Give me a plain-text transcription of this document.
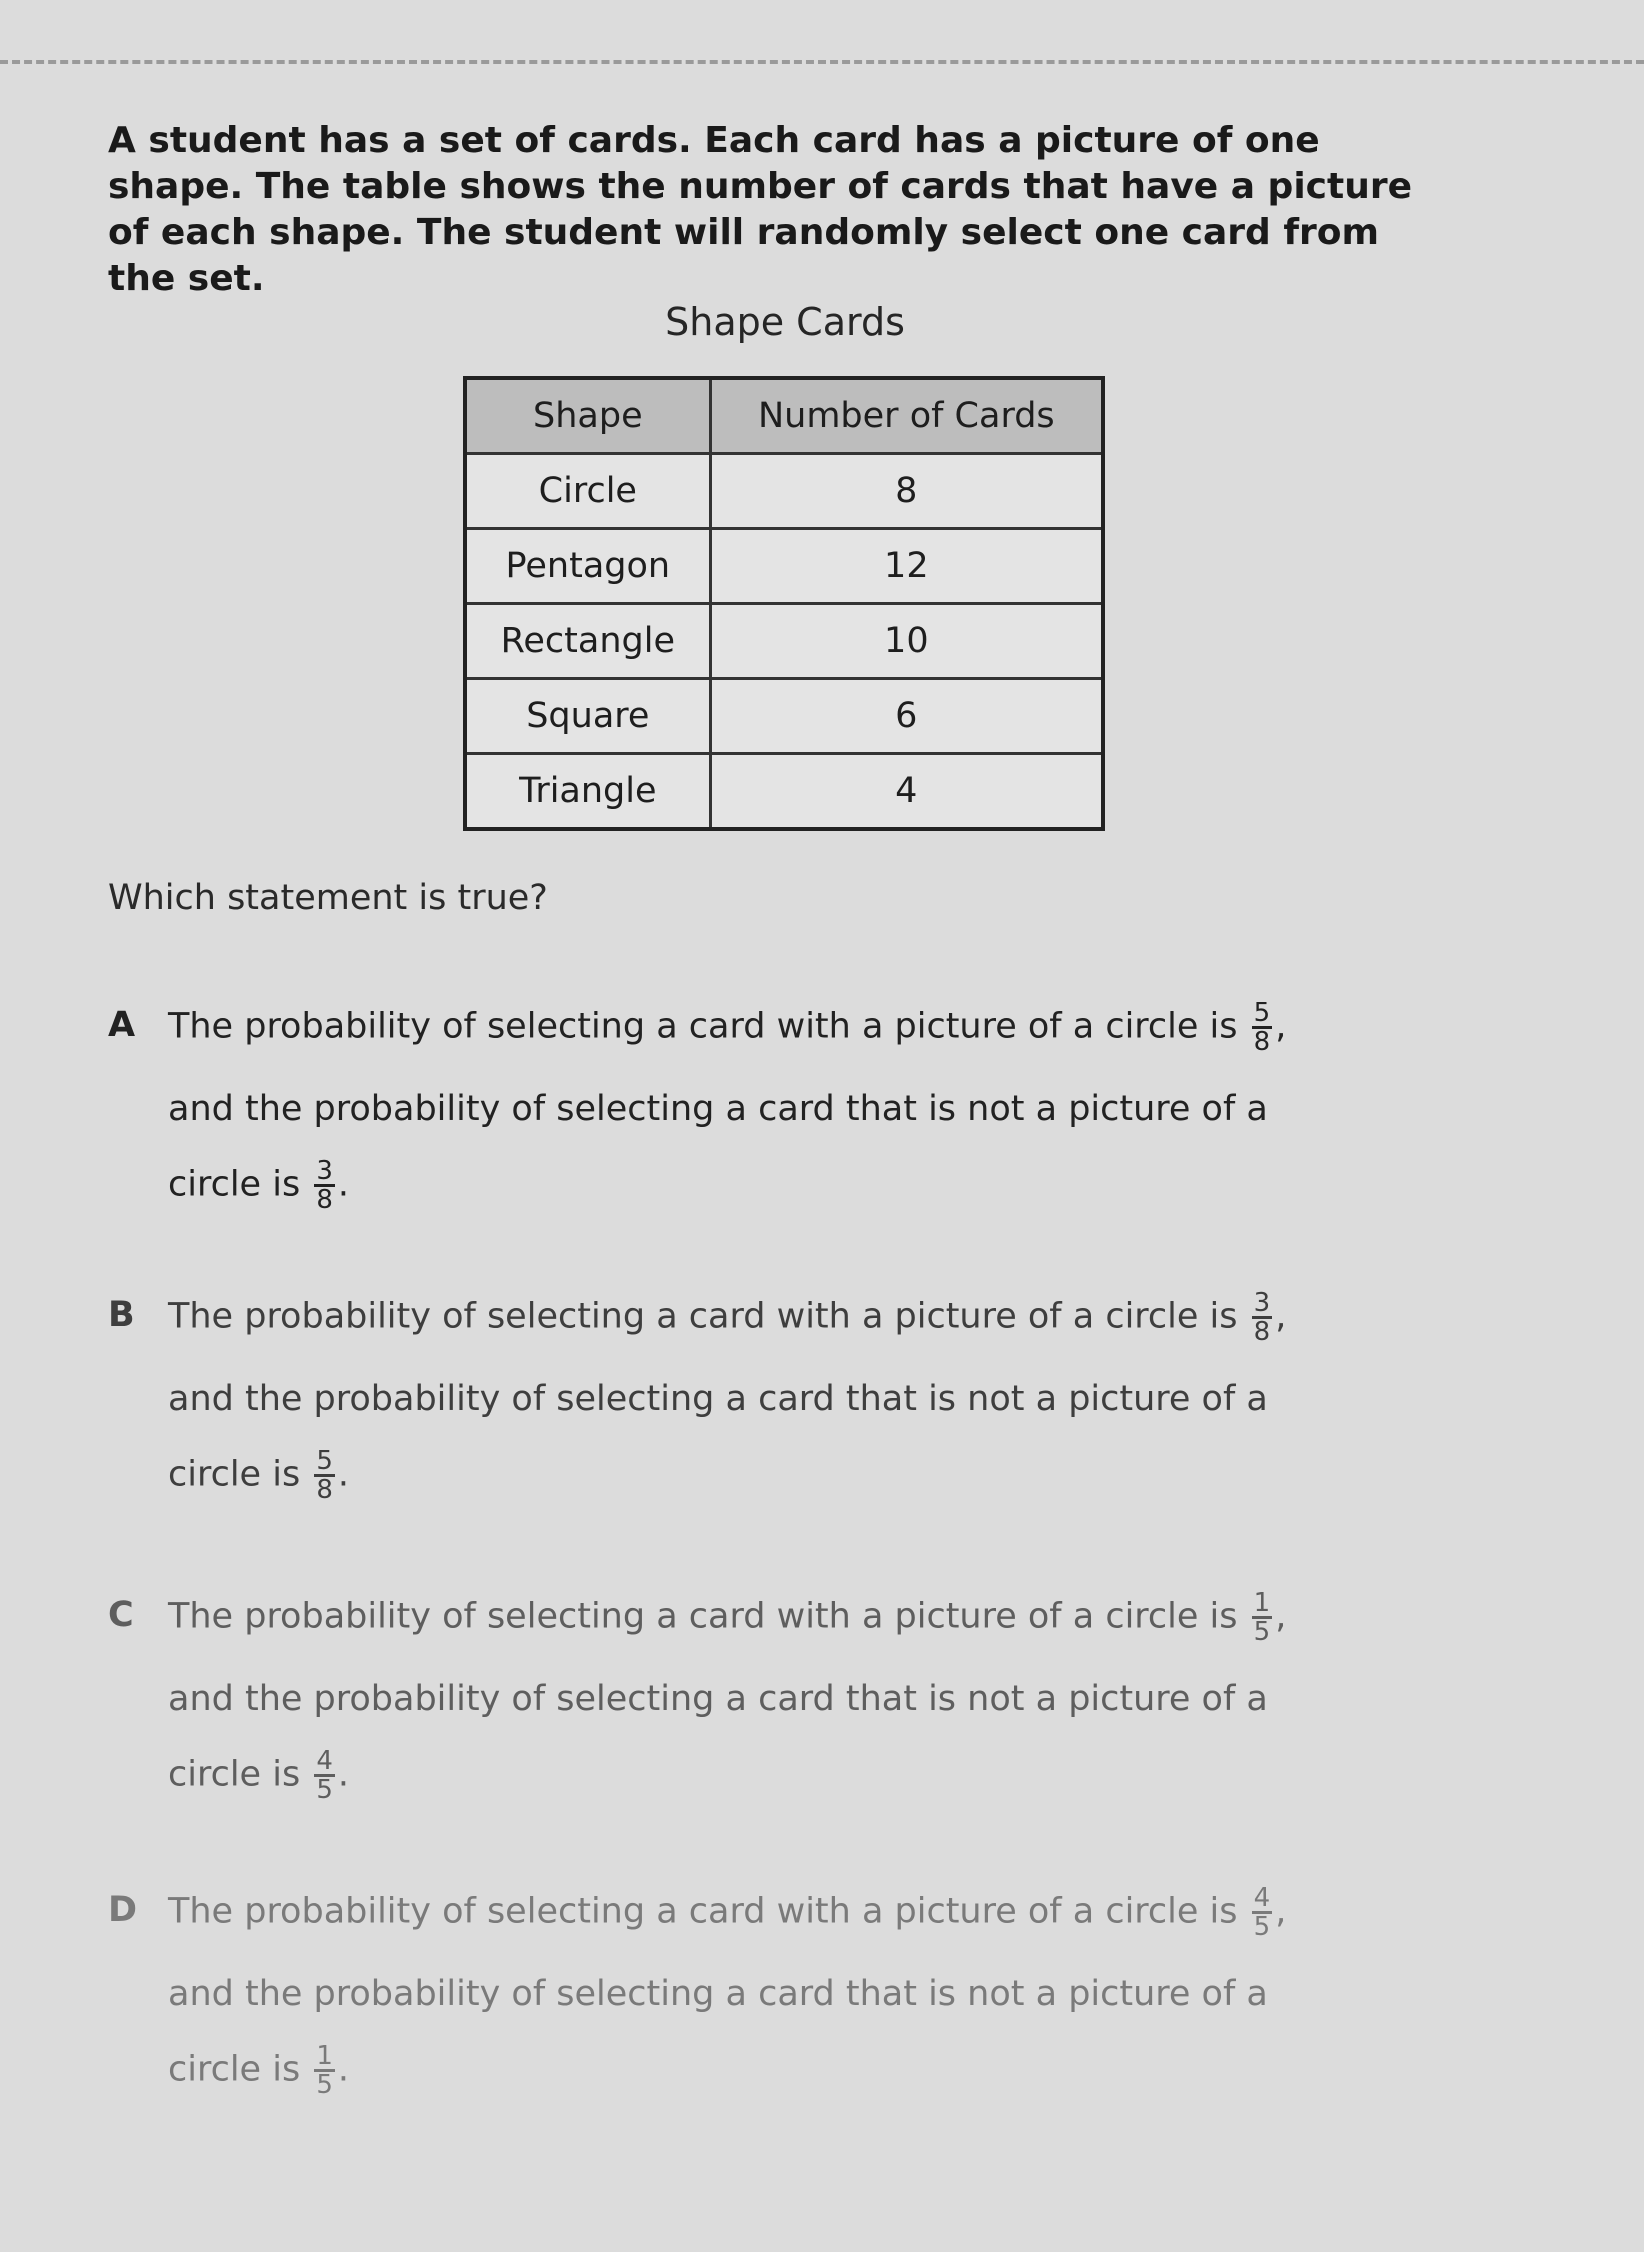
A student has a set of cards. Each card has a picture of one shape. The table shows the number of cards that have a picture of each shape. The student will randomly select one card from the set.

Shape Cards

Shape	Number of Cards
Circle	8
Pentagon	12
Rectangle	10
Square	6
Triangle	4

Which statement is true?

A The probability of selecting a card with a picture of a circle is $\frac{5}{8}$ ,
and the probability of selecting a card that is not a picture of a
circle is $\frac{3}{8}$ .
B The probability of selecting a card with a picture of a circle is $\frac{3}{8}$ ,
and the probability of selecting a card that is not a picture of a
circle is $\frac{5}{8}$ .
C The probability of selecting a card with a picture of a circle is $\frac{1}{5}$ ,
and the probability of selecting a card that is not a picture of a
circle is $\frac{4}{5}$ .
D The probability of selecting a card with a picture of a circle is $\frac{4}{5}$ ,
and the probability of selecting a card that is not a picture of a
circle is $\frac{1}{5}$ .
